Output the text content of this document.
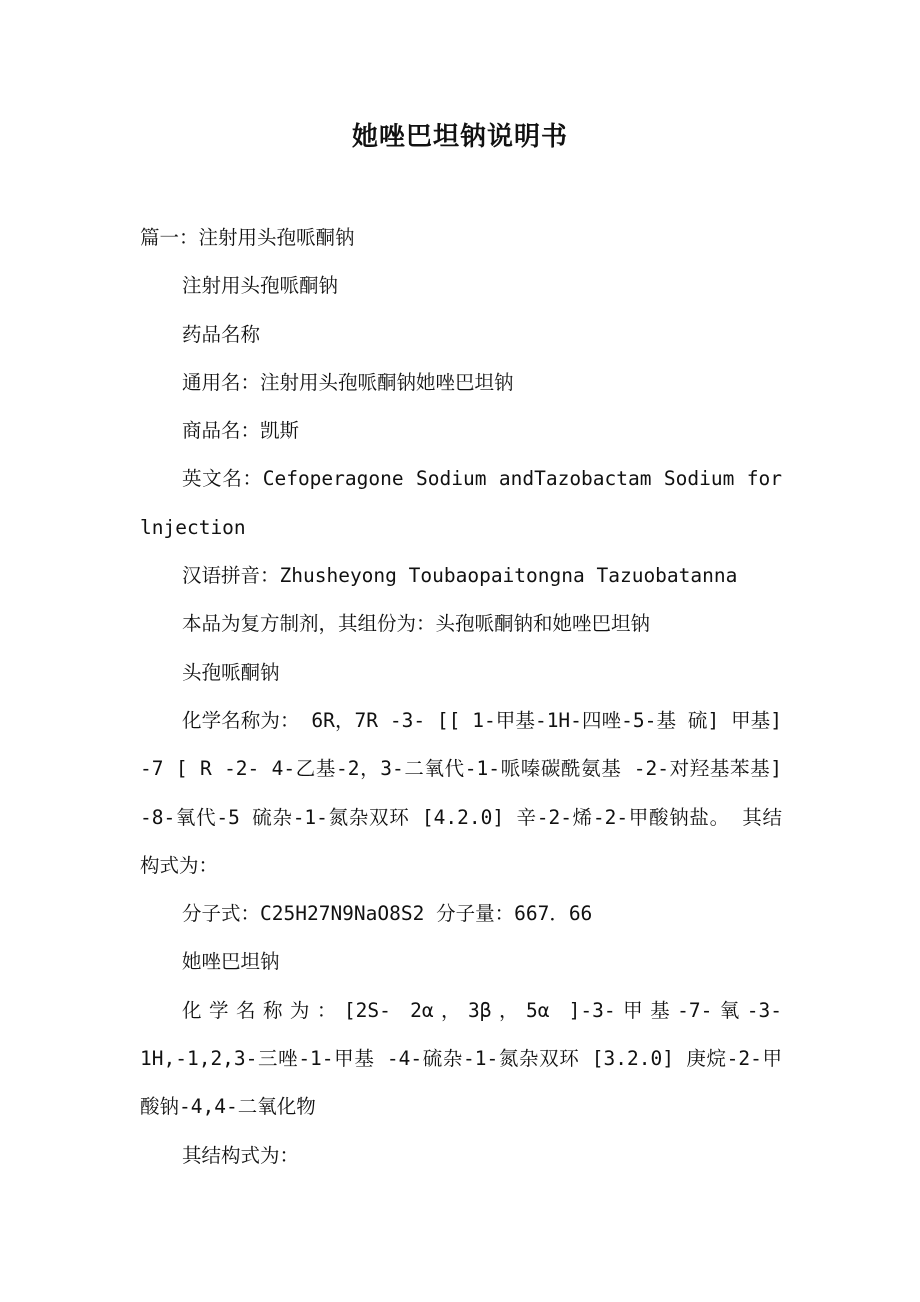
她唑巴坦钠说明书

篇一：注射用头孢哌酮钠

注射用头孢哌酮钠

药品名称

通用名：注射用头孢哌酮钠她唑巴坦钠

商品名：凯斯

英文名：Cefoperagone Sodium andTazobactam Sodium for lnjection

汉语拼音：Zhusheyong Toubaopaitongna Tazuobatanna

本品为复方制剂，其组份为：头孢哌酮钠和她唑巴坦钠

头孢哌酮钠

化学名称为： 6R，7R -3- [[ 1-甲基-1H-四唑-5-基 硫] 甲基] -7 [ R -2- 4-乙基-2，3-二氧代-1-哌嗪碳酰氨基 -2-对羟基苯基] -8-氧代-5 硫杂-1-氮杂双环 [4.2.0] 辛-2-烯-2-甲酸钠盐。 其结构式为：

分子式：C25H27N9NaO8S2 分子量：667．66

她唑巴坦钠

化学名称为：[2S- 2α，3β，5α ]-3-甲基-7-氧-3- 1H,-1,2,3-三唑-1-甲基 -4-硫杂-1-氮杂双环 [3.2.0] 庚烷-2-甲酸钠-4,4-二氧化物

其结构式为：
